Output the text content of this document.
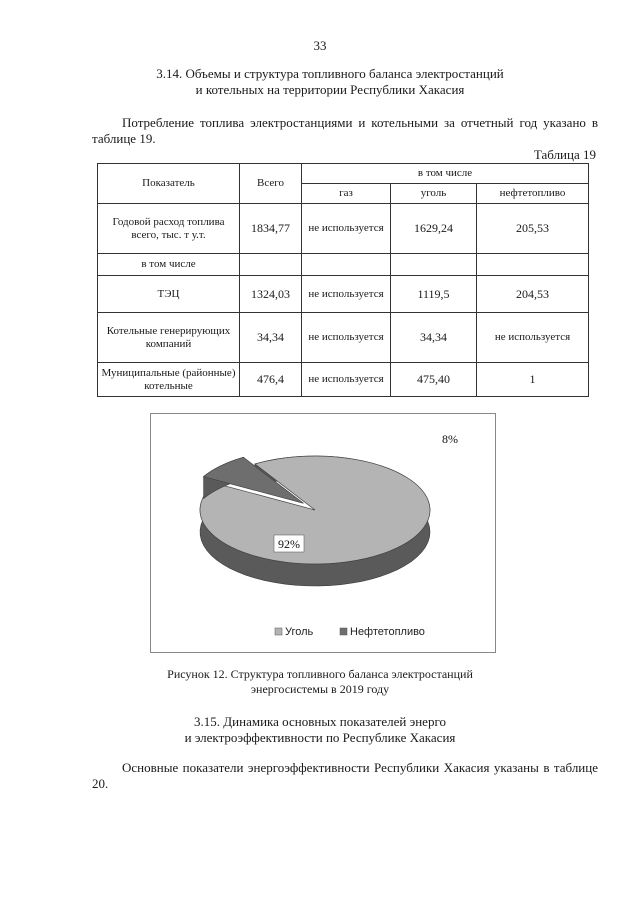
33
3.14. Объемы и структура топливного баланса электростанций
и котельных на территории Республики Хакасия
Потребление топлива электростанциями и котельными за отчетный год указано в таблице 19.
Таблица 19
Показатель	Всего	в том числе		
		газ	уголь	нефтетопливо
Годовой расход топлива всего, тыс. т у.т.	1834,77	не используется	1629,24	205,53
в том числе				
ТЭЦ	1324,03	не используется	1119,5	204,53
Котельные генерирующих компаний	34,34	не используется	34,34	не используется
Муниципальные (районные) котельные	476,4	не используется	475,40	1
92%
8%
Уголь	Нефтетопливо
Рисунок 12. Структура топливного баланса электростанций
энергосистемы в 2019 году
3.15. Динамика основных показателей энерго
и электроэффективности по Республике Хакасия
Основные показатели энергоэффективности Республики Хакасия указаны в таблице 20.
